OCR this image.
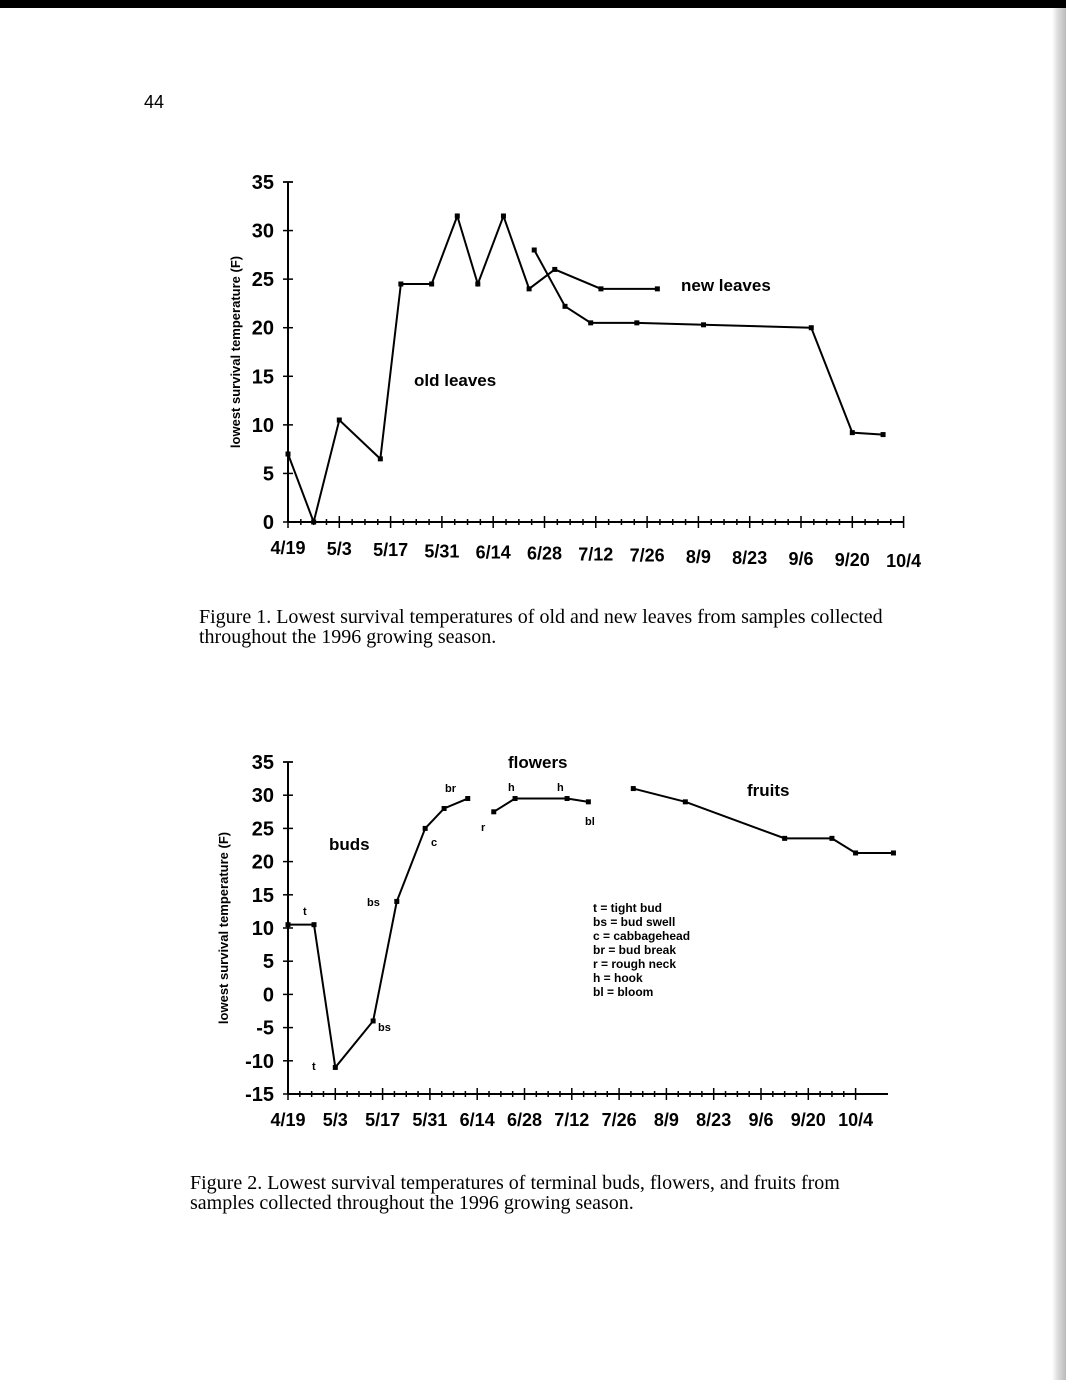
44
0
5
10
15
20
25
30
35
4/19 5/3 5/17 5/31 6/14 6/28 7/12 7/26 8/9 8/23 9/6 9/20 10/4
lowest survival temperature (F)	old leaves
new leaves
-15
-10
-5
0
5
10
15
20
25
30
35
4/19 5/3 5/17 5/31 6/14 6/28 7/12 7/26 8/9 8/23 9/6 9/20 10/4
lowest survival temperature (F)	buds
flowers
fruits
t
t
bs
bs
c
br
r
h	h
bl
t = tight bud
bs = bud swell
c = cabbagehead
br = bud break
r = rough neck
h = hook
bl = bloom
Figure 1. Lowest survival temperatures of old and new leaves from samples collected throughout the 1996 growing season.
Figure 2. Lowest survival temperatures of terminal buds, flowers, and fruits from samples collected throughout the 1996 growing season.
